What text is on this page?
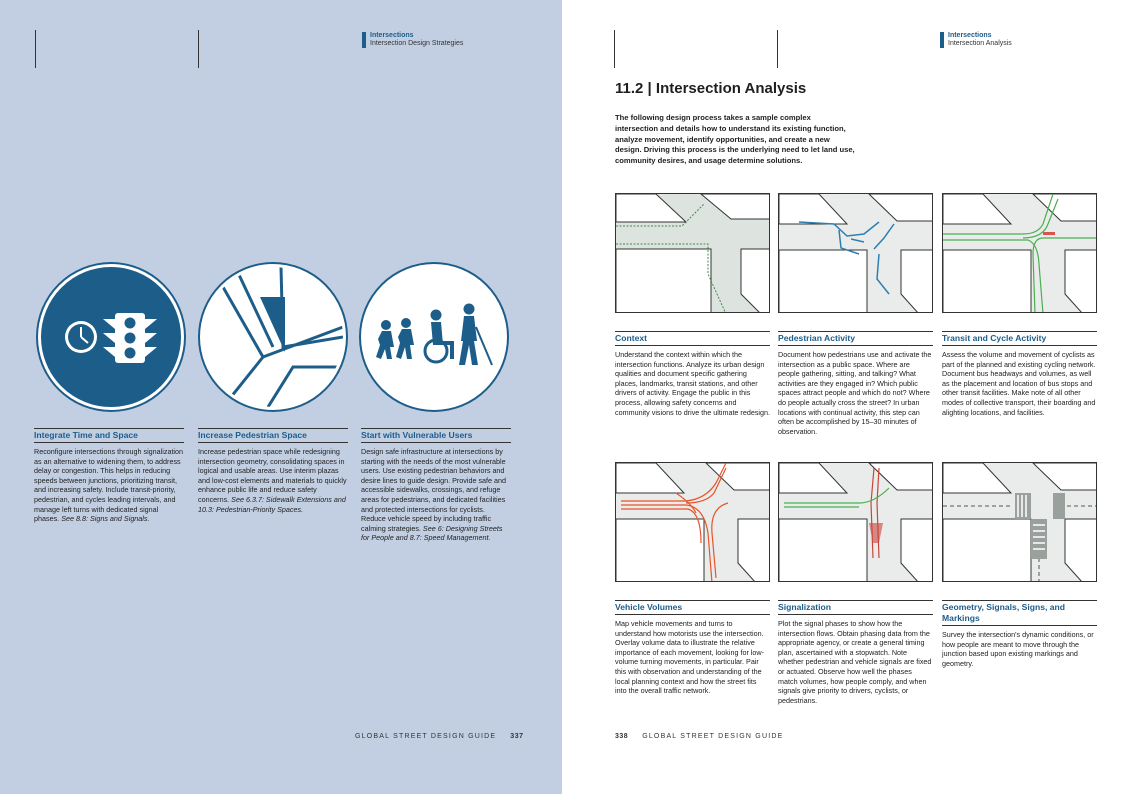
Intersections
Intersection Design Strategies
Integrate Time and Space

Reconfigure intersections through signalization as an alternative to widening them, to address delay or congestion. This helps in reducing speeds between junctions, prioritizing transit, and increasing safety. Include transit-priority, pedestrian, and cycles leading intervals, and manage left turns with dedicated signal phases. See 8.8: Signs and Signals.

Increase Pedestrian Space

Increase pedestrian space while redesigning intersection geometry, consolidating spaces in logical and usable areas. Use interim plazas and low-cost elements and materials to quickly enhance public life and reduce safety concerns. See 6.3.7: Sidewalk Extensions and 10.3: Pedestrian-Priority Spaces.

Start with Vulnerable Users

Design safe infrastructure at intersections by starting with the needs of the most vulnerable users. Use existing pedestrian behaviors and desire lines to guide design. Provide safe and accessible sidewalks, crossings, and refuge areas for pedestrians, and dedicated facilities and protected intersections for cyclists. Reduce vehicle speed by including traffic calming strategies. See 6: Designing Streets for People and 8.7: Speed Management.

GLOBAL STREET DESIGN GUIDE 337
Intersections
Intersection Analysis
11.2 | Intersection Analysis
The following design process takes a sample complex intersection and details how to understand its existing function, analyze movement, identify opportunities, and create a new design. Driving this process is the underlying need to let land use, community desires, and usage determine solutions.
Context

Understand the context within which the intersection functions. Analyze its urban design qualities and document specific gathering places, landmarks, transit stations, and other drivers of activity. Engage the public in this process, allowing safety concerns and community visions to drive the ultimate redesign.

Pedestrian Activity

Document how pedestrians use and activate the intersection as a public space. Where are people gathering, sitting, and talking? What activities are they engaged in? Which public spaces attract people and which do not? Where do people actually cross the street? In urban locations with continual activity, this step can often be accomplished by 15–30 minutes of observation.

Transit and Cycle Activity

Assess the volume and movement of cyclists as part of the planned and existing cycling network. Document bus headways and volumes, as well as the placement and location of bus stops and other transit facilities. Make note of all other modes of collective transport, their boarding and alighting locations, and facilities.

Vehicle Volumes

Map vehicle movements and turns to understand how motorists use the intersection. Overlay volume data to illustrate the relative importance of each movement, looking for low-volume turning movements, in particular. Pair this with observation and understanding of the local planning context and how the street fits into the overall traffic network.

Signalization

Plot the signal phases to show how the intersection flows. Obtain phasing data from the appropriate agency, or create a general timing plan, ascertained with a stopwatch. Note whether pedestrian and vehicle signals are fixed or actuated. Observe how well the phases match volumes, how people comply, and when signals give priority to drivers, cyclists, or pedestrians.

Geometry, Signals, Signs, and Markings

Survey the intersection's dynamic conditions, or how people are meant to move through the junction based upon existing markings and geometry.

338 GLOBAL STREET DESIGN GUIDE
